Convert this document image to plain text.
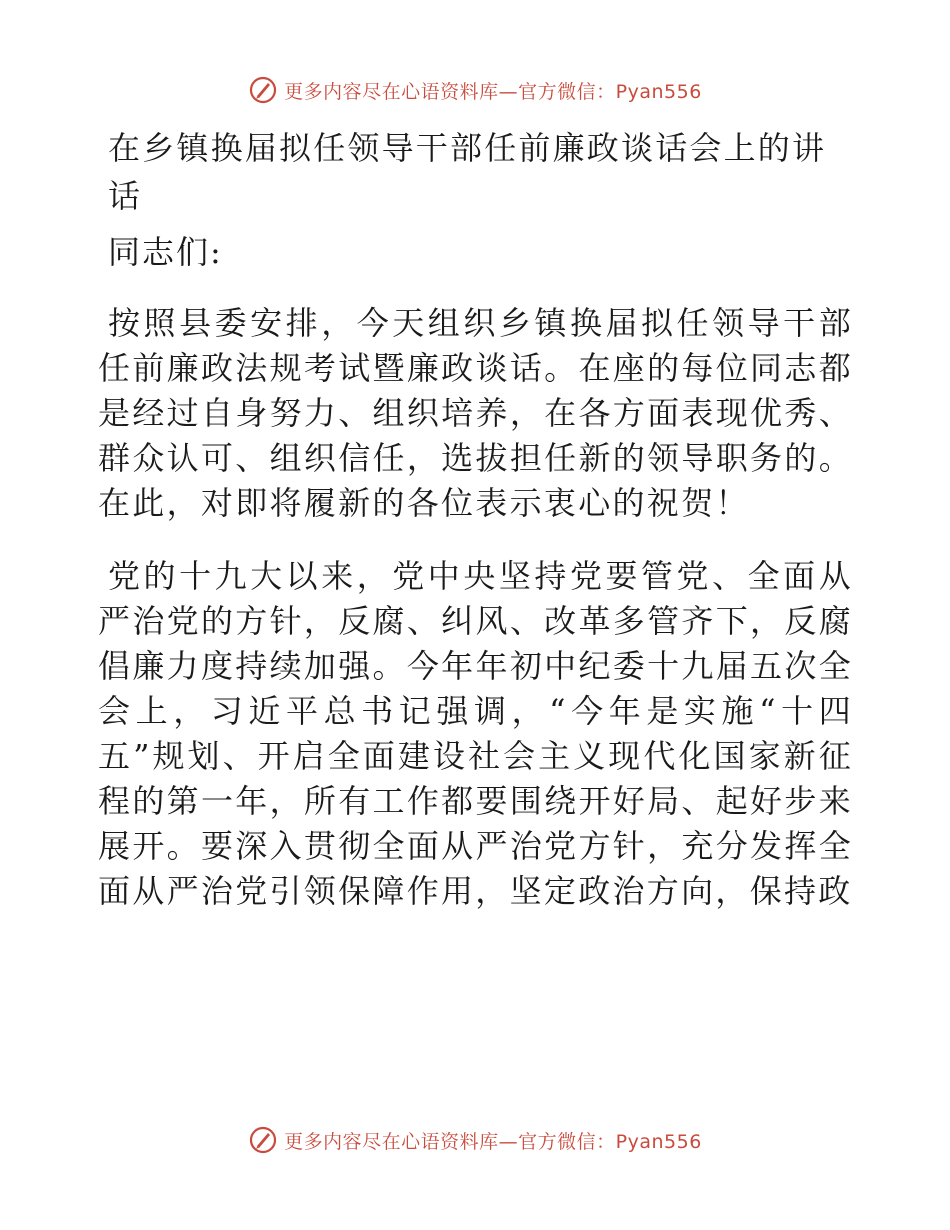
更多内容尽在心语资料库—官方微信：Pyan556
在乡镇换届拟任领导干部任前廉政谈话会上的讲话

同志们:

按照县委安排，今天组织乡镇换届拟任领导干部任前廉政法规考试暨廉政谈话。在座的每位同志都是经过自身努力、组织培养，在各方面表现优秀、群众认可、组织信任，选拔担任新的领导职务的。在此，对即将履新的各位表示衷心的祝贺！

党的十九大以来，党中央坚持党要管党、全面从严治党的方针，反腐、纠风、改革多管齐下，反腐倡廉力度持续加强。今年年初中纪委十九届五次全会上，习近平总书记强调，“今年是实施“十四五”规划、开启全面建设社会主义现代化国家新征程的第一年，所有工作都要围绕开好局、起好步来展开。要深入贯彻全面从严治党方针，充分发挥全面从严治党引领保障作用，坚定政治方向，保持政

更多内容尽在心语资料库—官方微信：Pyan556
